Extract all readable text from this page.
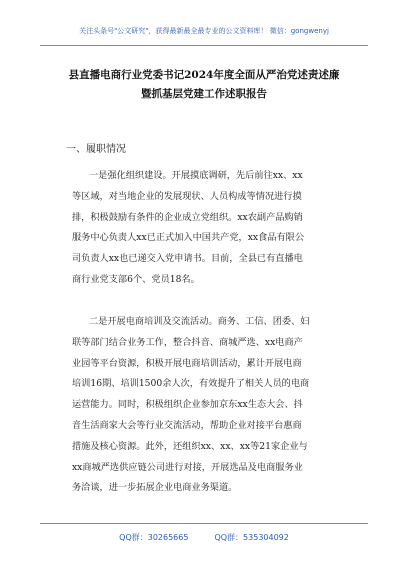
关注头条号"公文研究"，获得最新最全最专业的公文资料库！ 微信：gongwenyj
县直播电商行业党委书记2024年度全面从严治党述责述廉
暨抓基层党建工作述职报告
一、履职情况
一是强化组织建设。开展摸底调研，先后前往xx、xx
等区域，对当地企业的发展现状、人员构成等情况进行摸
排，积极鼓励有条件的企业成立党组织。xx农副产品购销
服务中心负责人xx已正式加入中国共产党，xx食品有限公
司负责人xx也已递交入党申请书。目前，全县已有直播电
商行业党支部6个、党员18名。
二是开展电商培训及交流活动。商务、工信、团委、妇
联等部门结合业务工作，整合抖音、商城严选、xx电商产
业园等平台资源，积极开展电商培训活动，累计开展电商
培训16期、培训1500余人次，有效提升了相关人员的电商
运营能力。同时，积极组织企业参加京东xx生态大会、抖
音生活商家大会等行业交流活动，帮助企业对接平台惠商
措施及核心资源。此外，还组织xx、xx、xx等21家企业与
xx商城严选供应链公司进行对接，开展选品及电商服务业
务洽谈，进一步拓展企业电商业务渠道。
QQ群：30265665	QQ群：535304092
